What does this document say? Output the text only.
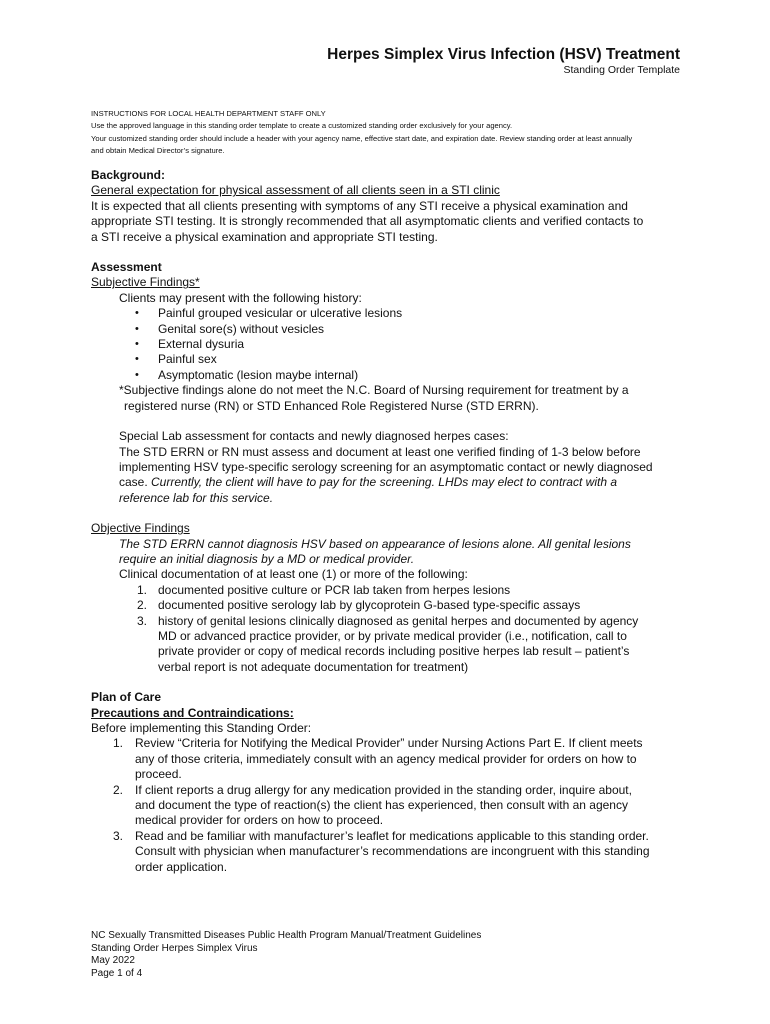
Herpes Simplex Virus Infection (HSV) Treatment
Standing Order Template
INSTRUCTIONS FOR LOCAL HEALTH DEPARTMENT STAFF ONLY
Use the approved language in this standing order template to create a customized standing order exclusively for your agency.
Your customized standing order should include a header with your agency name, effective start date, and expiration date. Review standing order at least annually
and obtain Medical Director’s signature.
Background:
General expectation for physical assessment of all clients seen in a STI clinic
It is expected that all clients presenting with symptoms of any STI receive a physical examination and
appropriate STI testing. It is strongly recommended that all asymptomatic clients and verified contacts to
a STI receive a physical examination and appropriate STI testing.
Assessment
Subjective Findings*
Clients may present with the following history:
• Painful grouped vesicular or ulcerative lesions
• Genital sore(s) without vesicles
• External dysuria
• Painful sex
• Asymptomatic (lesion maybe internal)
*Subjective findings alone do not meet the N.C. Board of Nursing requirement for treatment by a
registered nurse (RN) or STD Enhanced Role Registered Nurse (STD ERRN).
Special Lab assessment for contacts and newly diagnosed herpes cases:
The STD ERRN or RN must assess and document at least one verified finding of 1-3 below before
implementing HSV type-specific serology screening for an asymptomatic contact or newly diagnosed
case. Currently, the client will have to pay for the screening. LHDs may elect to contract with a
reference lab for this service.
Objective Findings
The STD ERRN cannot diagnosis HSV based on appearance of lesions alone. All genital lesions
require an initial diagnosis by a MD or medical provider.
Clinical documentation of at least one (1) or more of the following:
1. documented positive culture or PCR lab taken from herpes lesions
2. documented positive serology lab by glycoprotein G-based type-specific assays
3. history of genital lesions clinically diagnosed as genital herpes and documented by agency
MD or advanced practice provider, or by private medical provider (i.e., notification, call to
private provider or copy of medical records including positive herpes lab result – patient’s
verbal report is not adequate documentation for treatment)
Plan of Care
Precautions and Contraindications:
Before implementing this Standing Order:
1. Review “Criteria for Notifying the Medical Provider” under Nursing Actions Part E. If client meets
any of those criteria, immediately consult with an agency medical provider for orders on how to
proceed.
2. If client reports a drug allergy for any medication provided in the standing order, inquire about,
and document the type of reaction(s) the client has experienced, then consult with an agency
medical provider for orders on how to proceed.
3. Read and be familiar with manufacturer’s leaflet for medications applicable to this standing order.
Consult with physician when manufacturer’s recommendations are incongruent with this standing
order application.
NC Sexually Transmitted Diseases Public Health Program Manual/Treatment Guidelines
Standing Order Herpes Simplex Virus
May 2022
Page 1 of 4
